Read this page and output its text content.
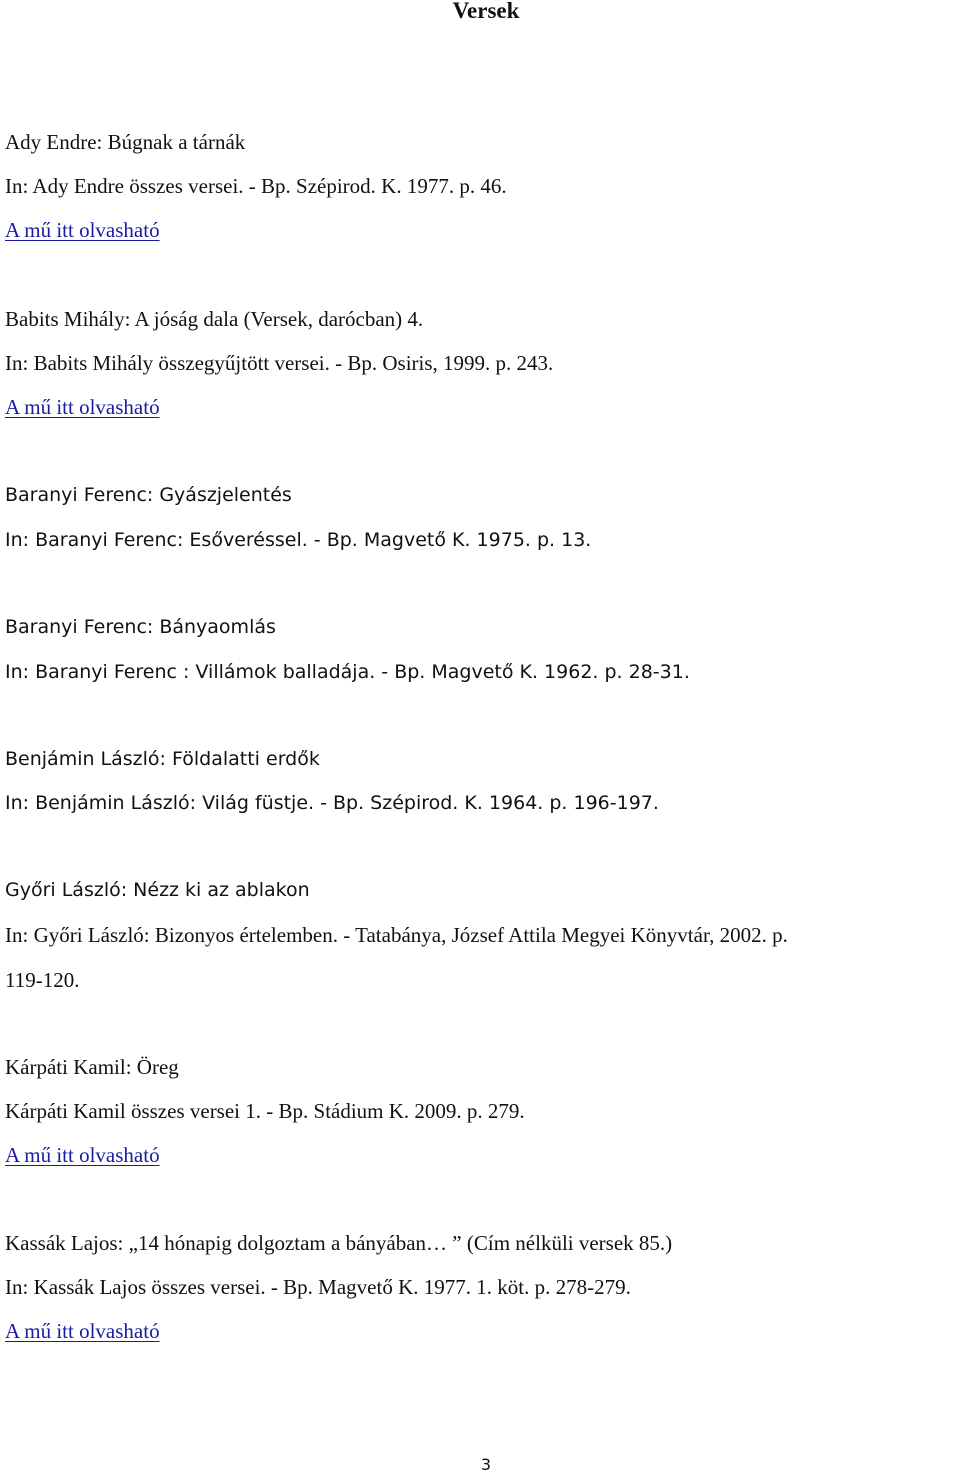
Versek
Ady Endre: Búgnak a tárnák
In: Ady Endre összes versei. - Bp. Szépirod. K. 1977. p. 46.
A mű itt olvasható
Babits Mihály: A jóság dala (Versek, darócban) 4.
In: Babits Mihály összegyűjtött versei. - Bp. Osiris, 1999. p. 243.
A mű itt olvasható
Baranyi Ferenc: Gyászjelentés
In: Baranyi Ferenc: Esőveréssel. - Bp. Magvető K. 1975. p. 13.
Baranyi Ferenc: Bányaomlás
In: Baranyi Ferenc : Villámok balladája. - Bp. Magvető K. 1962. p. 28-31.
Benjámin László: Földalatti erdők
In: Benjámin László: Világ füstje. - Bp. Szépirod. K. 1964. p. 196-197.
Győri László: Nézz ki az ablakon
In: Győri László: Bizonyos értelemben. - Tatabánya, József Attila Megyei Könyvtár, 2002. p.
119-120.
Kárpáti Kamil: Öreg
Kárpáti Kamil összes versei 1. - Bp. Stádium K. 2009. p. 279.
A mű itt olvasható
Kassák Lajos: „14 hónapig dolgoztam a bányában… ” (Cím nélküli versek 85.)
In: Kassák Lajos összes versei. - Bp. Magvető K. 1977. 1. köt. p. 278-279.
A mű itt olvasható
3
